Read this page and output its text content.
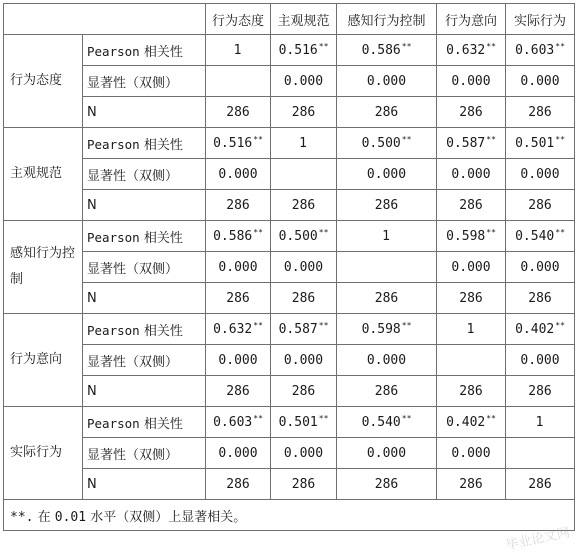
		行为态度	主观规范	感知行为控制	行为意向	实际行为
行为态度	Pearson 相关性	1	0.516**	0.586**	0.632**	0.603**
	显著性（双侧）		0.000	0.000	0.000	0.000
	N	286	286	286	286	286
主观规范	Pearson 相关性	0.516**	1	0.500**	0.587**	0.501**
	显著性（双侧）	0.000		0.000	0.000	0.000
	N	286	286	286	286	286
感知行为控制	Pearson 相关性	0.586**	0.500**	1	0.598**	0.540**
	显著性（双侧）	0.000	0.000		0.000	0.000
	N	286	286	286	286	286
行为意向	Pearson 相关性	0.632**	0.587**	0.598**	1	0.402**
	显著性（双侧）	0.000	0.000	0.000		0.000
	N	286	286	286	286	286
实际行为	Pearson 相关性	0.603**	0.501**	0.540**	0.402**	1
	显著性（双侧）	0.000	0.000	0.000	0.000	
	N	286	286	286	286	286
**. 在 0.01 水平（双侧）上显著相关。						
毕业论文网
